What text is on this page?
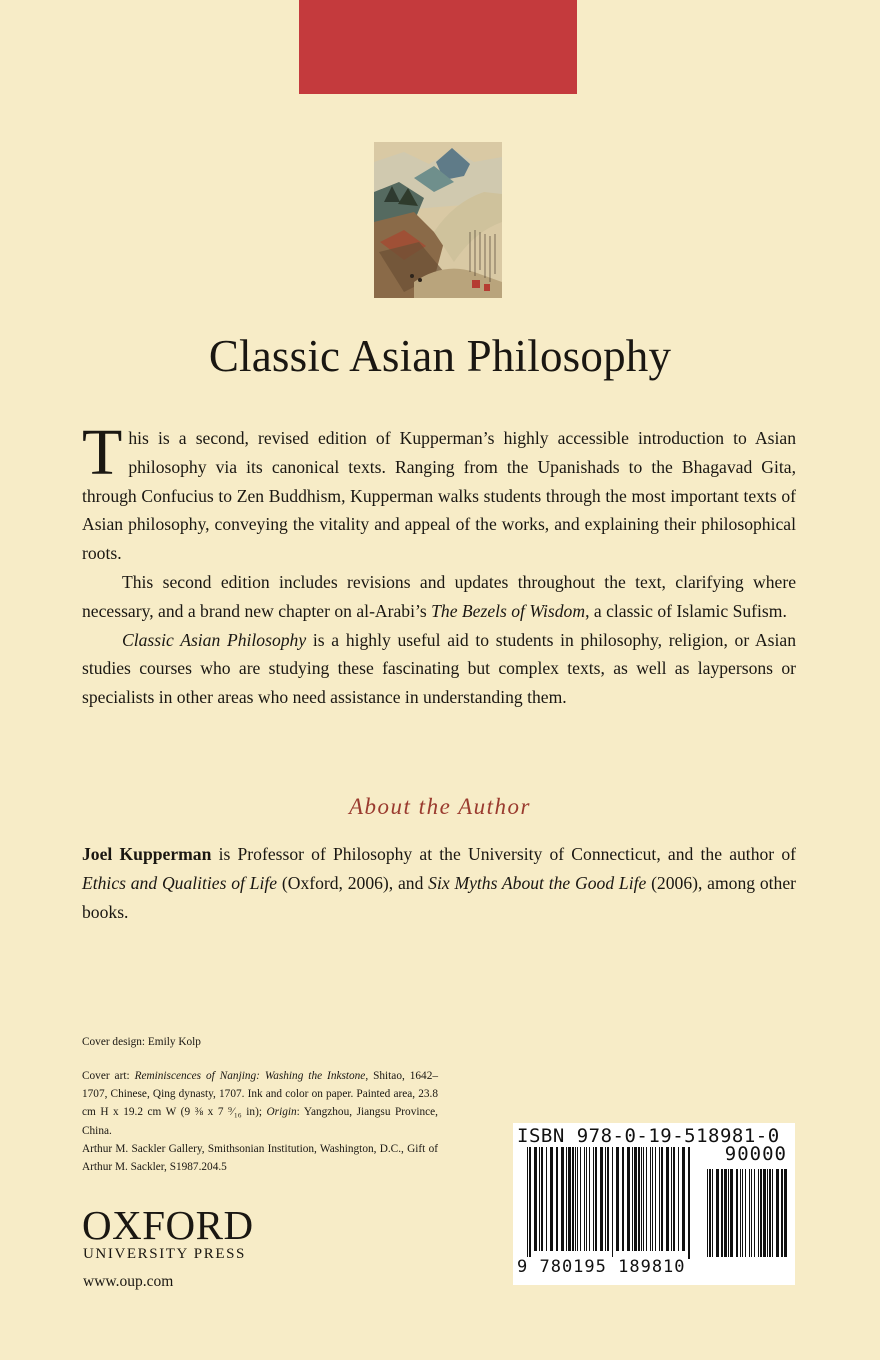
Classic Asian Philosophy

This is a second, revised edition of Kupperman’s highly accessible introduction to Asian philosophy via its canonical texts. Ranging from the Upanishads to the Bhagavad Gita, through Confucius to Zen Buddhism, Kupperman walks students through the most important texts of Asian philosophy, conveying the vitality and appeal of the works, and explaining their philosophical roots.

This second edition includes revisions and updates throughout the text, clarifying where necessary, and a brand new chapter on al-Arabi’s The Bezels of Wisdom, a classic of Islamic Sufism.

Classic Asian Philosophy is a highly useful aid to students in philosophy, religion, or Asian studies courses who are studying these fascinating but complex texts, as well as laypersons or specialists in other areas who need assistance in understanding them.

About the Author

Joel Kupperman is Professor of Philosophy at the University of Connecticut, and the author of Ethics and Qualities of Life (Oxford, 2006), and Six Myths About the Good Life (2006), among other books.

Cover design: Emily Kolp

Cover art: Reminiscences of Nanjing: Washing the Inkstone, Shitao, 1642–1707, Chinese, Qing dynasty, 1707. Ink and color on paper. Painted area, 23.8 cm H x 19.2 cm W (9 ⅜ x 7 ⁹⁄₁₆ in); Origin: Yangzhou, Jiangsu Province, China.

Arthur M. Sackler Gallery, Smithsonian Institution, Washington, D.C., Gift of Arthur M. Sackler, S1987.204.5

OXFORD
UNIVERSITY PRESS
www.oup.com
ISBN 978-0-19-518981-0
90000
9 780195 189810
